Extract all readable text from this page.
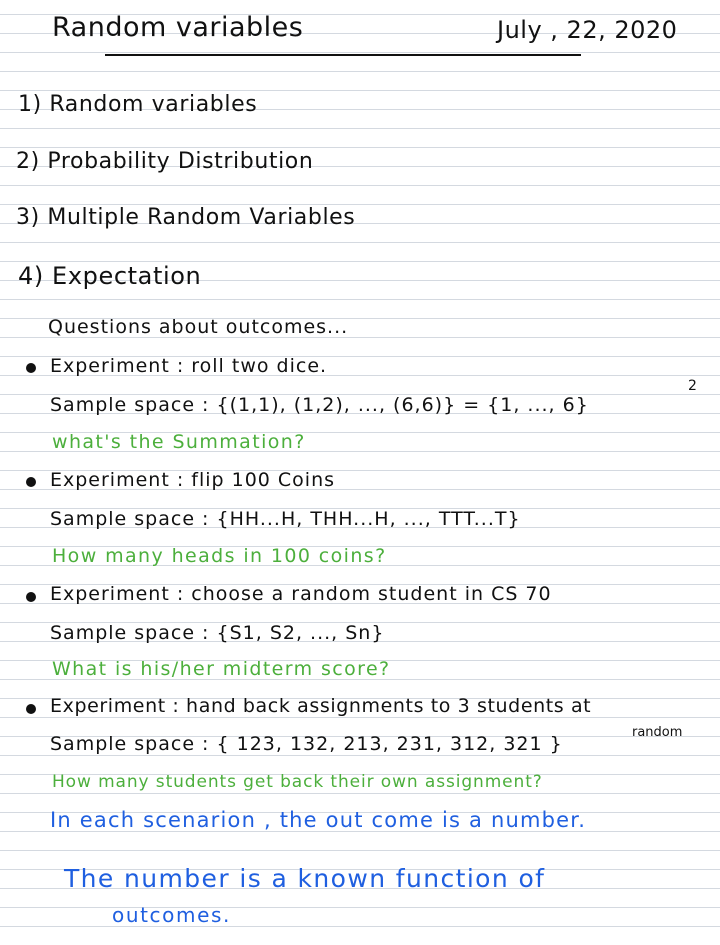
Random variables	July , 22, 2020
1) Random variables
2) Probability Distribution
3) Multiple Random Variables
4) Expectation
Questions about outcomes...
Experiment : roll two dice.
Sample space : {(1,1), (1,2), ..., (6,6)} = {1, ..., 6}
2
what's the Summation?
Experiment : flip 100 Coins
Sample space : {HH...H, THH...H, ..., TTT...T}
How many heads in 100 coins?
Experiment : choose a random student in CS 70
Sample space : {S1, S2, ..., Sn}
What is his/her midterm score?
Experiment : hand back assignments to 3 students at
random
Sample space : { 123, 132, 213, 231, 312, 321 }
How many students get back their own assignment?
In each scenarion , the out come is a number.
The number is a known function of
outcomes.
